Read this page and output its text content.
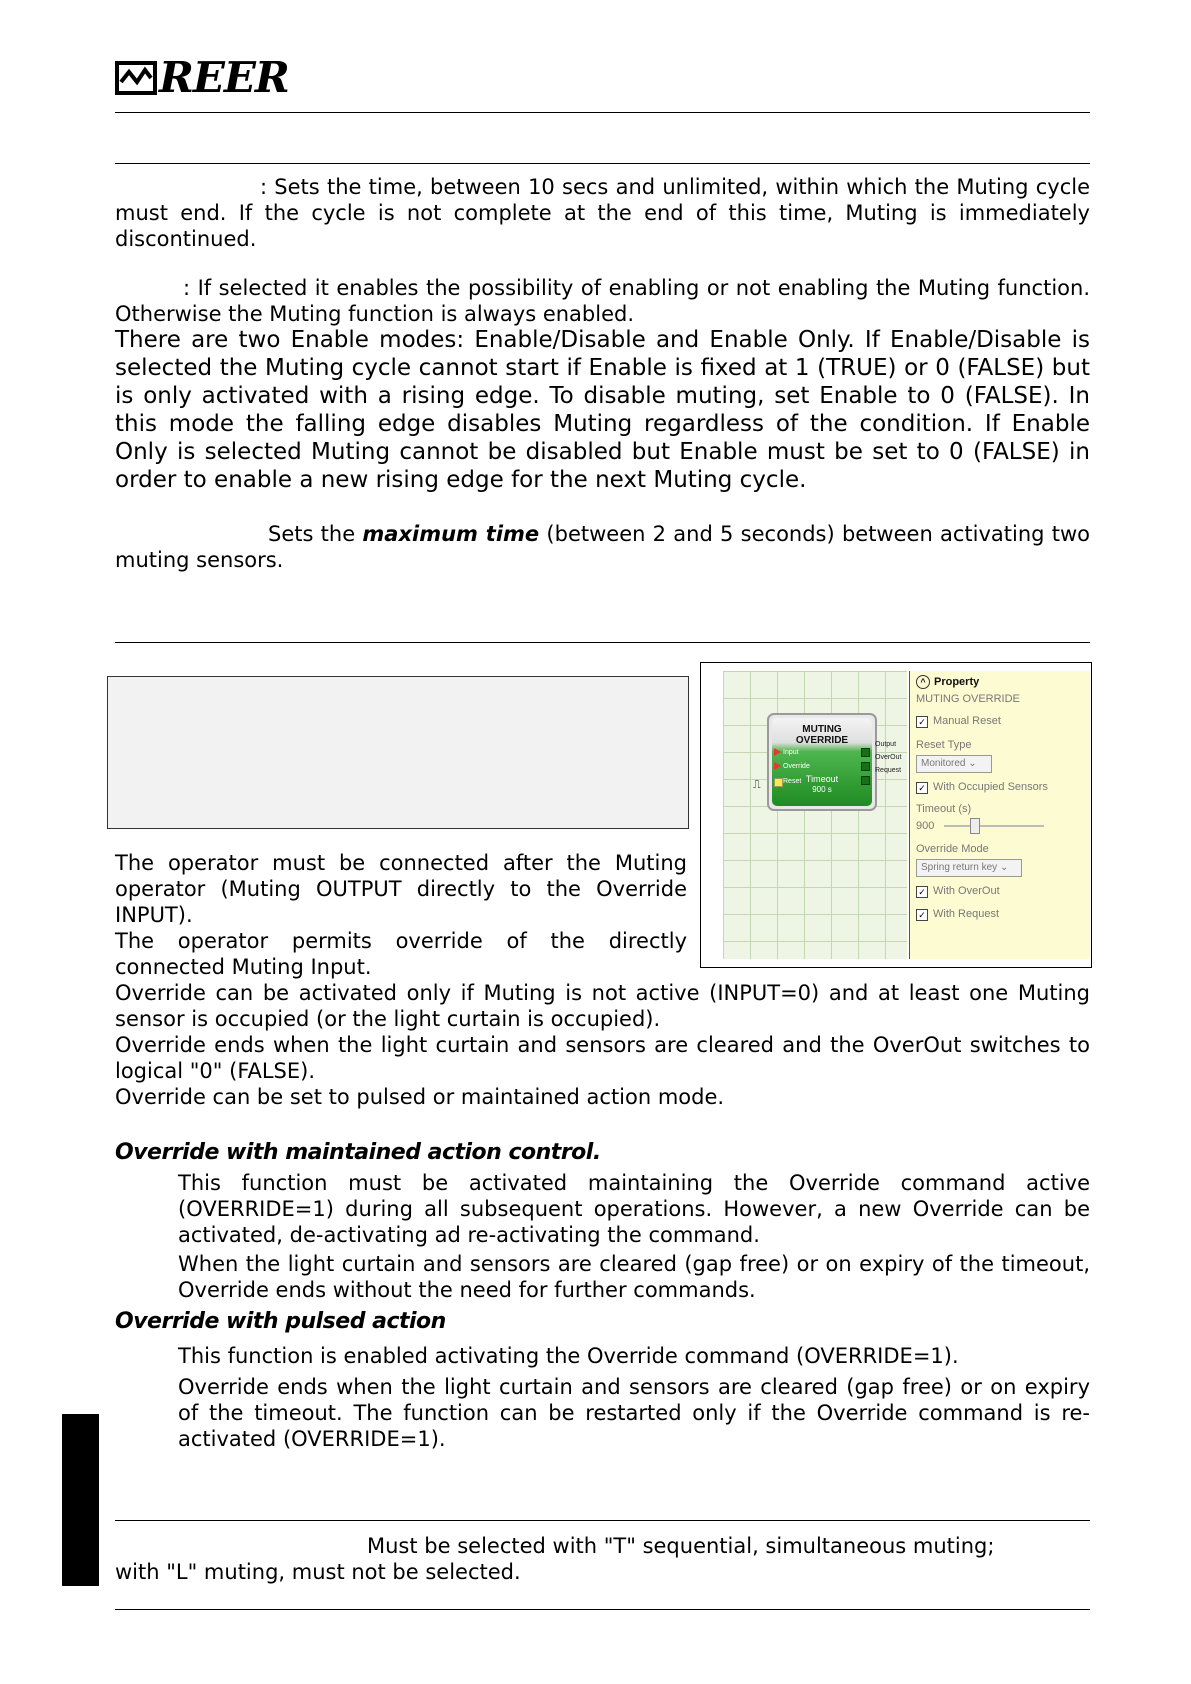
REER
: Sets the time, between 10 secs and unlimited, within which the Muting cycle must end. If the cycle is not complete at the end of this time, Muting is immediately discontinued.
: If selected it enables the possibility of enabling or not enabling the Muting function. Otherwise the Muting function is always enabled.
There are two Enable modes: Enable/Disable and Enable Only. If Enable/Disable is selected the Muting cycle cannot start if Enable is fixed at 1 (TRUE) or 0 (FALSE) but is only activated with a rising edge. To disable muting, set Enable to 0 (FALSE). In this mode the falling edge disables Muting regardless of the condition. If Enable Only is selected Muting cannot be disabled but Enable must be set to 0 (FALSE) in order to enable a new rising edge for the next Muting cycle.
Sets the maximum time (between 2 and 5 seconds) between activating two muting sensors.
⎍
MUTING
OVERRIDE
Input
Override
Reset Timeout
900 s
Output
OverOut
Request
^ Property
MUTING OVERRIDE
✓ Manual Reset
Reset Type
Monitored ⌄
✓ With Occupied Sensors
Timeout (s)
900
Override Mode
Spring return key ⌄
✓ With OverOut
✓ With Request
The operator must be connected after the Muting operator (Muting OUTPUT directly to the Override INPUT).
The operator permits override of the directly connected Muting Input.
Override can be activated only if Muting is not active (INPUT=0) and at least one Muting sensor is occupied (or the light curtain is occupied).
Override ends when the light curtain and sensors are cleared and the OverOut switches to logical "0" (FALSE).
Override can be set to pulsed or maintained action mode.
Override with maintained action control.
This function must be activated maintaining the Override command active (OVERRIDE=1) during all subsequent operations. However, a new Override can be activated, de-activating ad re-activating the command.
When the light curtain and sensors are cleared (gap free) or on expiry of the timeout, Override ends without the need for further commands.
Override with pulsed action
This function is enabled activating the Override command (OVERRIDE=1).
Override ends when the light curtain and sensors are cleared (gap free) or on expiry of the timeout. The function can be restarted only if the Override command is re-activated (OVERRIDE=1).
Must be selected with "T" sequential, simultaneous muting;
with "L" muting, must not be selected.
